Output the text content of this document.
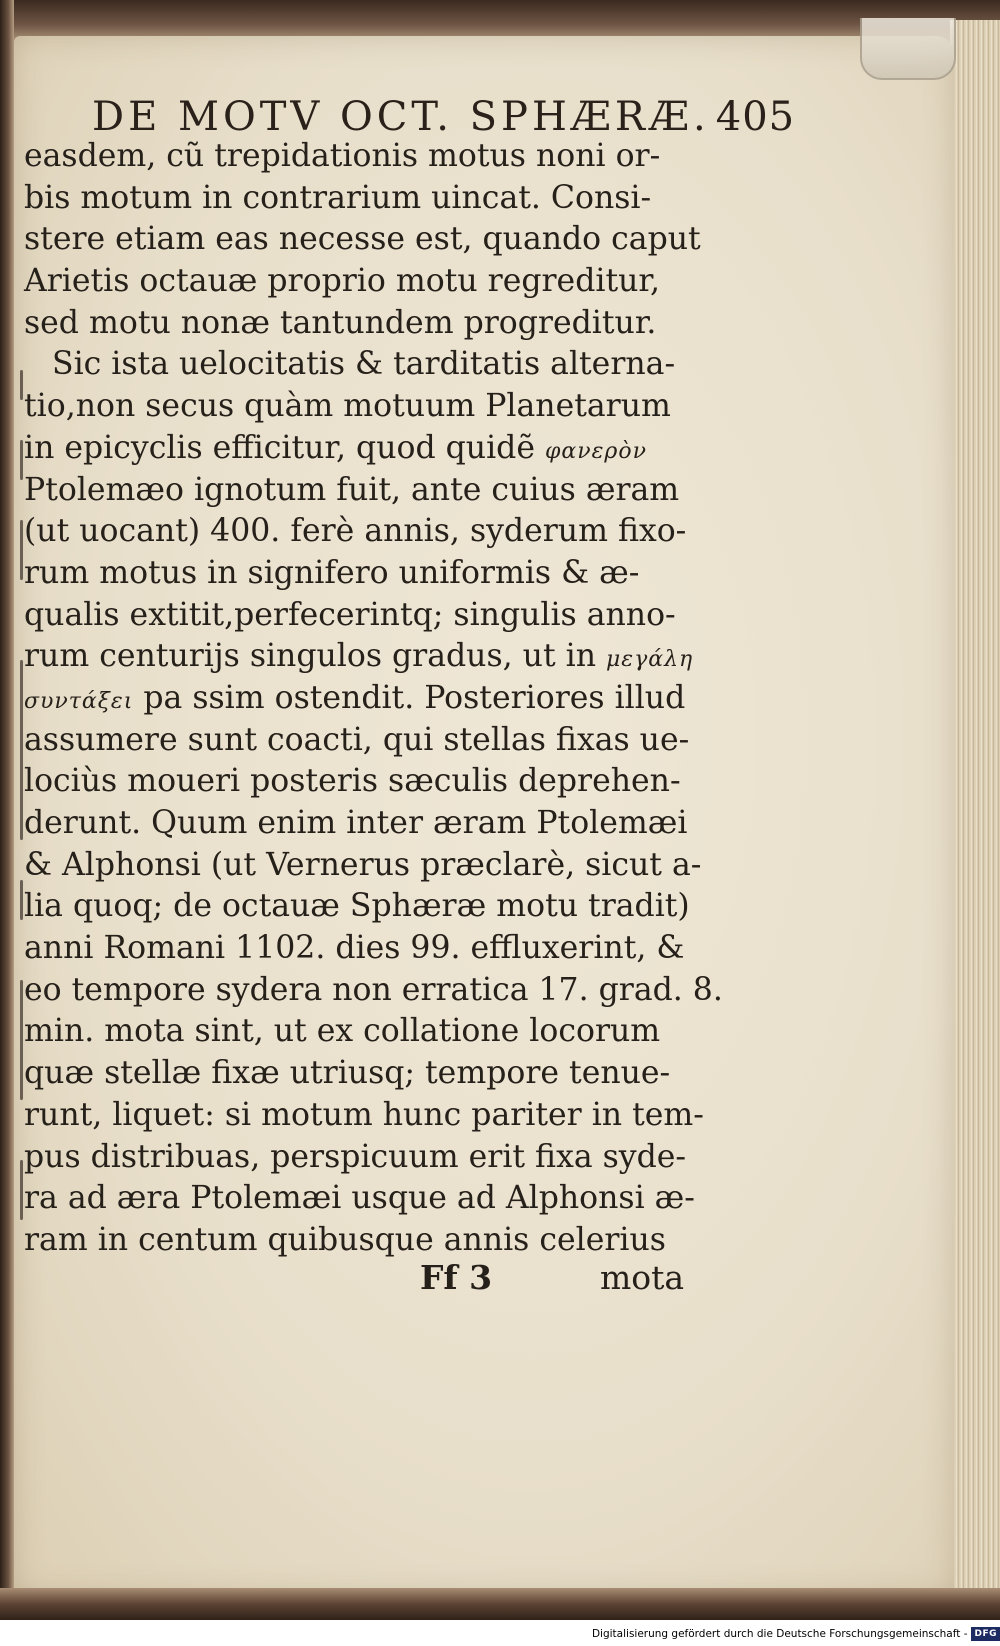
DE MOTV OCT. SPHÆRÆ. 405
easdem, cũ trepidationis motus noni or-
bis motum in contrarium uincat. Consi-
stere etiam eas necesse est, quando caput
Arietis octauæ proprio motu regreditur,
sed motu nonæ tantundem progreditur.
Sic ista uelocitatis & tarditatis alterna-
tio,non secus quàm motuum Planetarum
in epicyclis efficitur, quod quidẽ φανερὸν
Ptolemæo ignotum fuit, ante cuius æram
(ut uocant) 400. ferè annis, syderum fixo-
rum motus in signifero uniformis & æ-
qualis extitit,perfecerintq; singulis anno-
rum centurijs singulos gradus, ut in μεγάλη
συντάξει pa ssim ostendit. Posteriores illud
assumere sunt coacti, qui stellas fixas ue-
lociùs moueri posteris sæculis deprehen-
derunt. Quum enim inter æram Ptolemæi
& Alphonsi (ut Vernerus præclarè, sicut a-
lia quoq; de octauæ Sphæræ motu tradit)
anni Romani 1102. dies 99. effluxerint, &
eo tempore sydera non erratica 17. grad. 8.
min. mota sint, ut ex collatione locorum
quæ stellæ fixæ utriusq; tempore tenue-
runt, liquet: si motum hunc pariter in tem-
pus distribuas, perspicuum erit fixa syde-
ra ad æra Ptolemæi usque ad Alphonsi æ-
ram in centum quibusque annis celerius
Ff 3	mota
Digitalisierung gefördert durch die Deutsche Forschungsgemeinschaft - DFG
